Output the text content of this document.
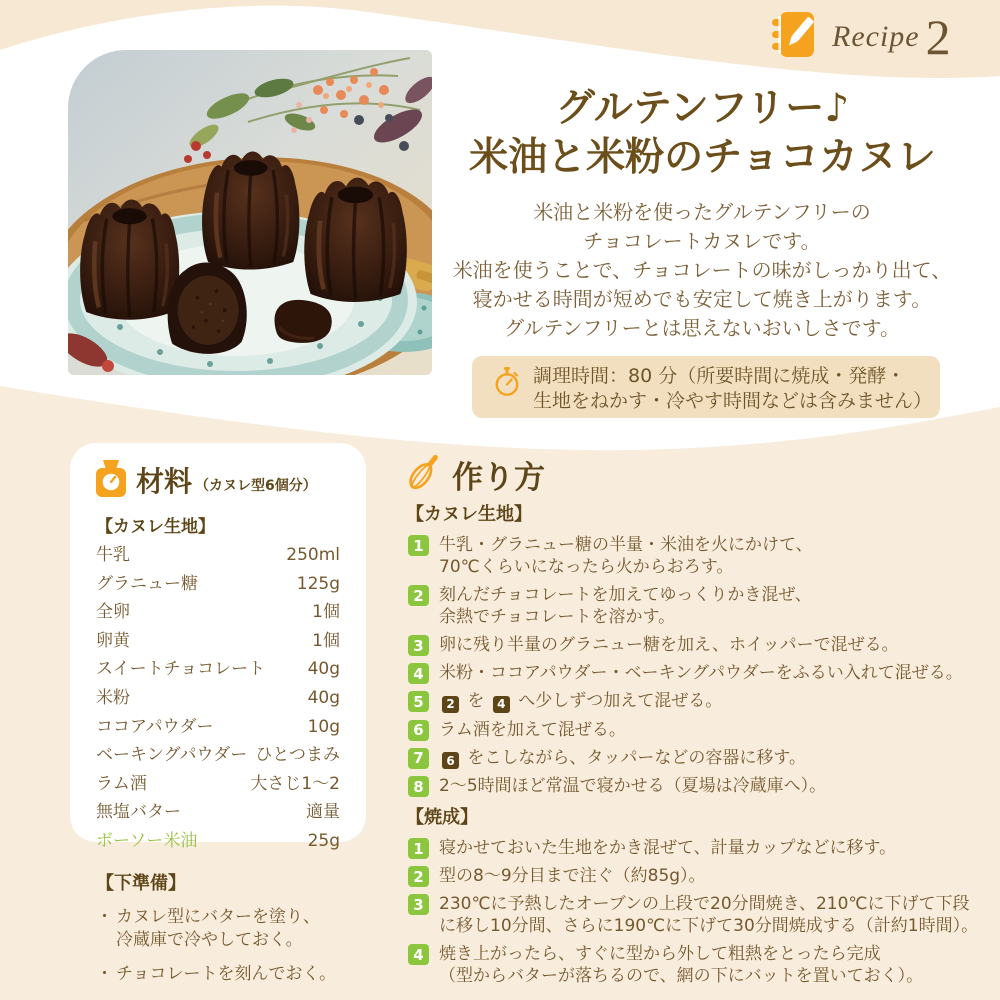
Recipe 2
グルテンフリー♪
米油と米粉のチョコカヌレ
米油と米粉を使ったグルテンフリーの
チョコレートカヌレです。
米油を使うことで、チョコレートの味がしっかり出て、
寝かせる時間が短めでも安定して焼き上がります。
グルテンフリーとは思えないおいしさです。
調理時間：80 分（所要時間に焼成・発酵・
生地をねかす・冷やす時間などは含みません）
材料 （カヌレ型6個分）
【カヌレ生地】
牛乳	250ml
グラニュー糖	125g
全卵	1個
卵黄	1個
スイートチョコレート 40g
米粉	40g
ココアパウダー	10g
ベーキングパウダー ひとつまみ
ラム酒	大さじ1～2
無塩バター	適量
ボーソー米油	25g
【下準備】
・ カヌレ型にバターを塗り、
冷蔵庫で冷やしておく。
・ チョコレートを刻んでおく。
作り方
【カヌレ生地】
1 牛乳・グラニュー糖の半量・米油を火にかけて、
70℃くらいになったら火からおろす。
2 刻んだチョコレートを加えてゆっくりかき混ぜ、
余熱でチョコレートを溶かす。
3 卵に残り半量のグラニュー糖を加え、ホイッパーで混ぜる。
4 米粉・ココアパウダー・ベーキングパウダーをふるい入れて混ぜる。
5	2 を 4 へ少しずつ加えて混ぜる。
6 ラム酒を加えて混ぜる。
7	6 をこしながら、タッパーなどの容器に移す。
8 2～5時間ほど常温で寝かせる（夏場は冷蔵庫へ）。
【焼成】
1 寝かせておいた生地をかき混ぜて、計量カップなどに移す。
2 型の8～9分目まで注ぐ（約85g）。
3 230℃に予熱したオーブンの上段で20分間焼き、210℃に下げて下段
に移し10分間、さらに190℃に下げて30分間焼成する（計約1時間）。
4 焼き上がったら、すぐに型から外して粗熱をとったら完成
（型からバターが落ちるので、網の下にバットを置いておく）。
